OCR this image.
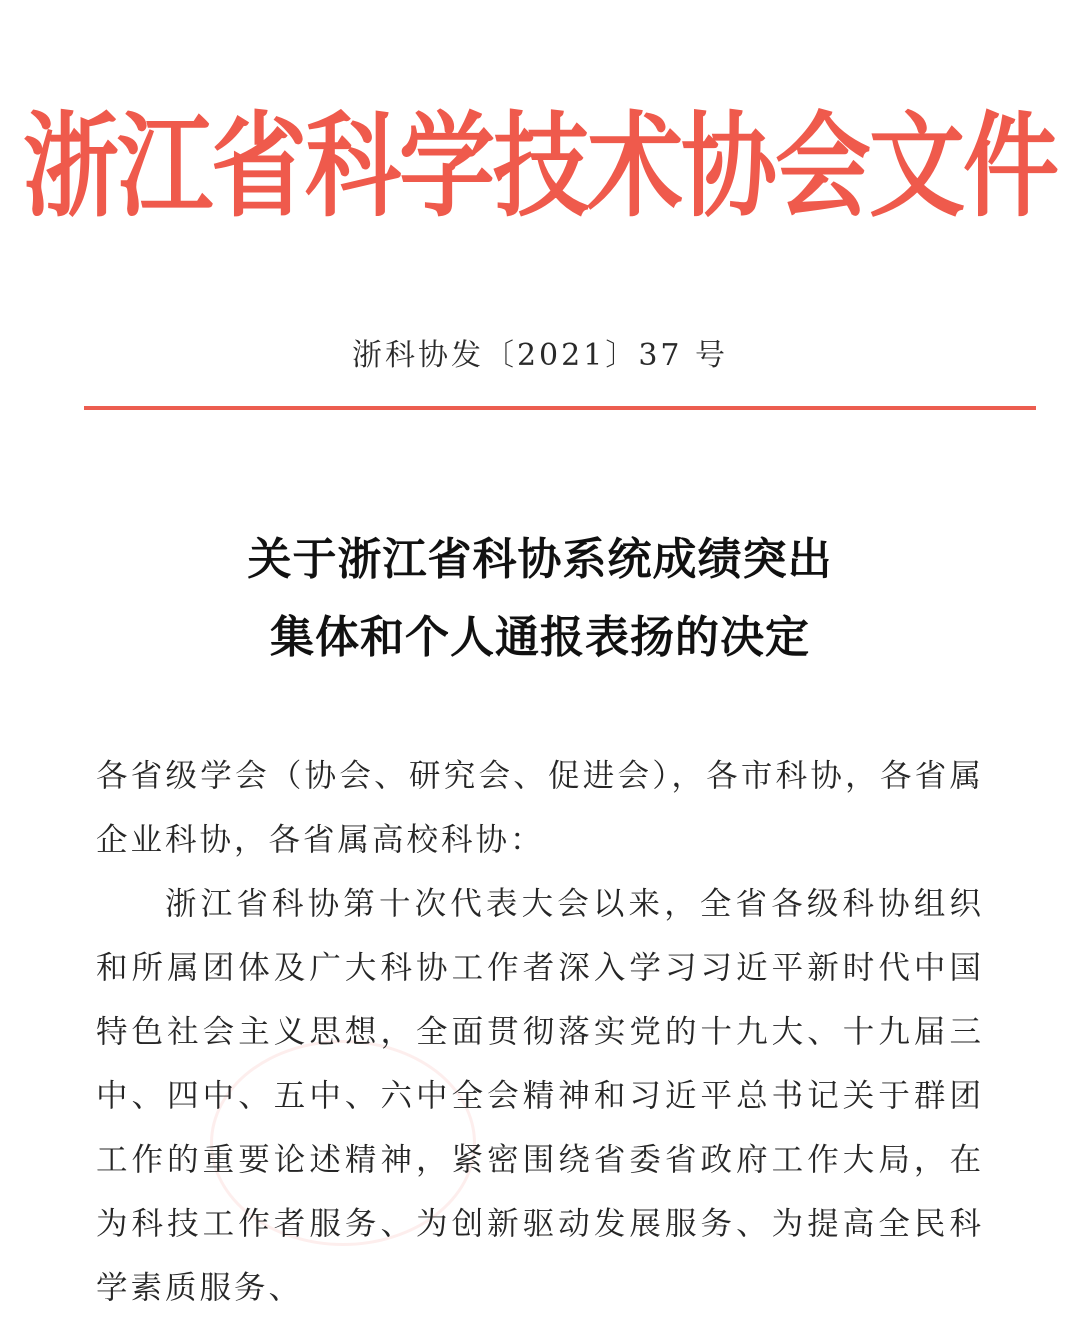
浙江省科学技术协会文件
浙科协发〔2021〕37 号
关于浙江省科协系统成绩突出
集体和个人通报表扬的决定

各省级学会（协会、研究会、促进会），各市科协，各省属企业科协，各省属高校科协：

浙江省科协第十次代表大会以来，全省各级科协组织和所属团体及广大科协工作者深入学习习近平新时代中国特色社会主义思想，全面贯彻落实党的十九大、十九届三中、四中、五中、六中全会精神和习近平总书记关于群团工作的重要论述精神，紧密围绕省委省政府工作大局，在为科技工作者服务、为创新驱动发展服务、为提高全民科学素质服务、
